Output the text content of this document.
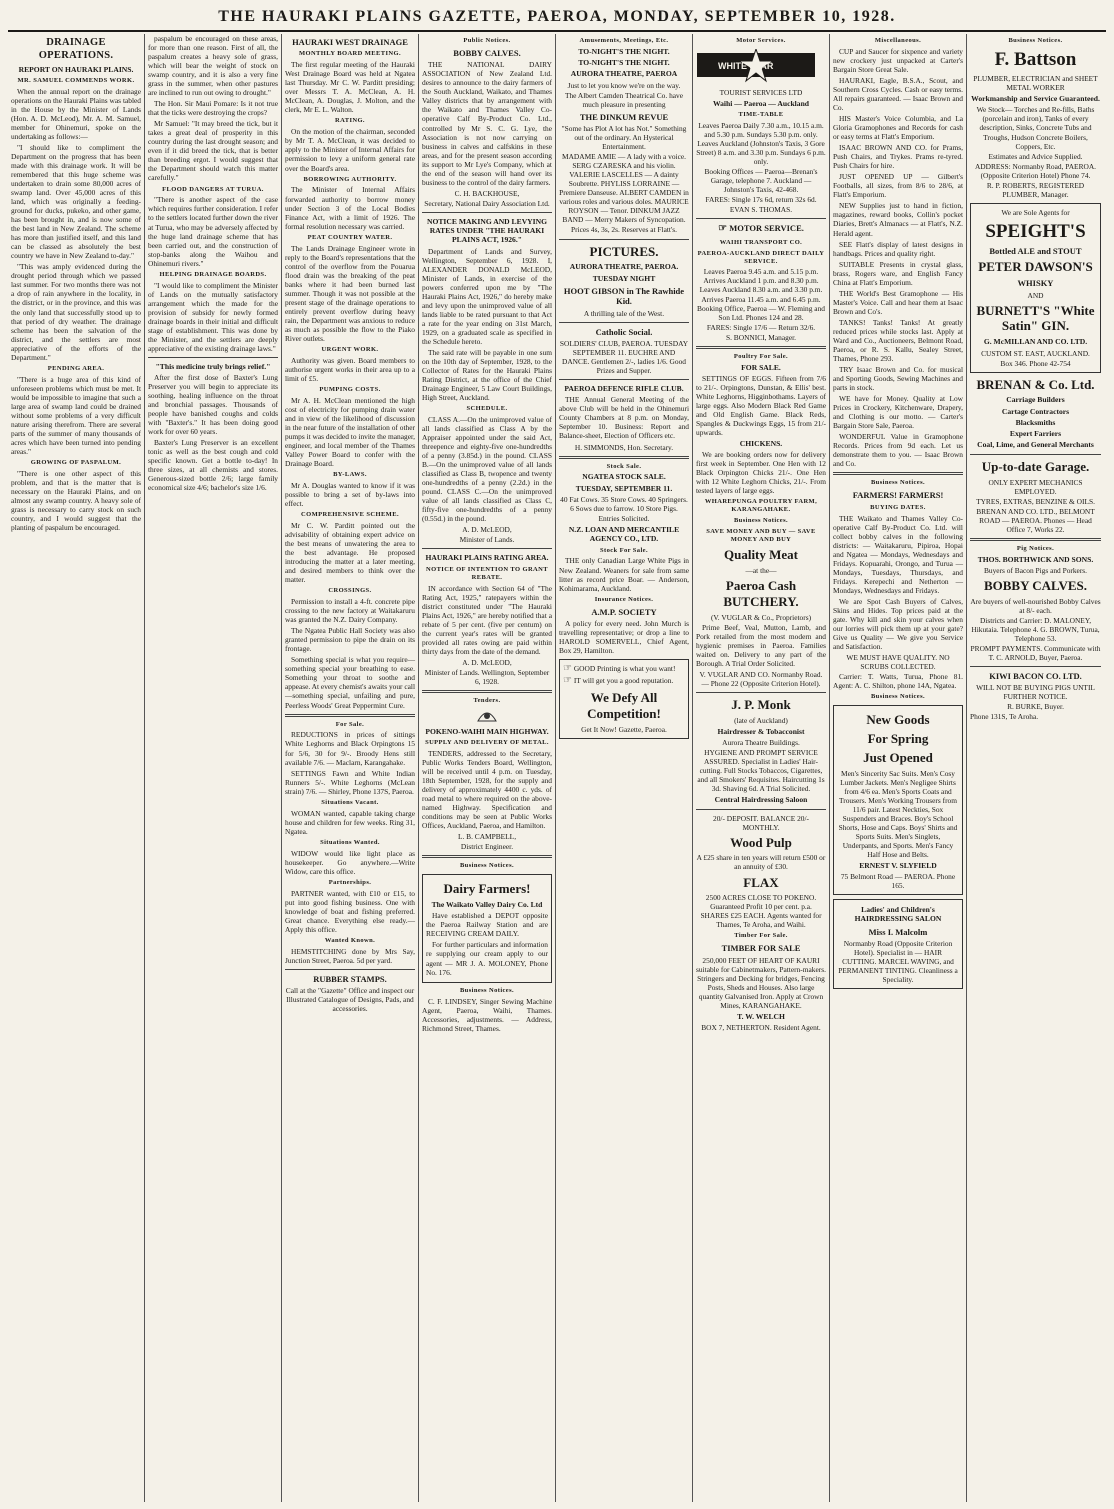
THE HAURAKI PLAINS GAZETTE, PAEROA, MONDAY, SEPTEMBER 10, 1928.
DRAINAGE OPERATIONS.
REPORT ON HAURAKI PLAINS.
MR. SAMUEL COMMENDS WORK.

When the annual report on the drainage operations on the Hauraki Plains was tabled in the House by the Minister of Lands (Hon. A. D. McLeod), Mr. A. M. Samuel, member for Ohinemuri, spoke on the undertaking as follows:—

"I should like to compliment the Department on the progress that has been made with this drainage work. It will be remembered that this huge scheme was undertaken to drain some 80,000 acres of swamp land. Over 45,000 acres of this land, which was originally a feeding-ground for ducks, pukeko, and other game, has been brought in, and is now some of the best land in New Zealand. The scheme has more than justified itself, and this land can be classed as absolutely the best country we have in New Zealand to-day."

"This was amply evidenced during the drought period through which we passed last summer. For two months there was not a drop of rain anywhere in the locality, in the district, or in the province, and this was the only land that successfully stood up to that period of dry weather. The drainage scheme has been the salvation of the district, and the settlers are most appreciative of the efforts of the Department."

PENDING AREA.

"There is a huge area of this kind of unforeseen problems which must be met. It would be impossible to imagine that such a large area of swamp land could be drained without some problems of a very difficult nature arising therefrom. There are several parts of the summer of many thousands of acres which have been turned into pending areas."

GROWING OF PASPALUM.

"There is one other aspect of this problem, and that is the matter that is necessary on the Hauraki Plains, and on almost any swamp country. A heavy sole of grass is necessary to carry stock on such country, and I would suggest that the planting of paspalum be encouraged.

paspalum be encouraged on these areas, for more than one reason. First of all, the paspalum creates a heavy sole of grass, which will bear the weight of stock on swamp country, and it is also a very fine grass in the summer, when other pastures are inclined to run out owing to drought."

The Hon. Sir Maui Pomare: Is it not true that the ticks were destroying the crops?

Mr Samuel: "It may breed the tick, but it takes a great deal of prosperity in this country during the last drought season; and even if it did breed the tick, that is better than breeding ergot. I would suggest that the Department should watch this matter carefully."

FLOOD DANGERS AT TURUA.

"There is another aspect of the case which requires further consideration. I refer to the settlers located further down the river at Turua, who may be adversely affected by the huge land drainage scheme that has been carried out, and the construction of stop-banks along the Waihou and Ohinemuri rivers."

HELPING DRAINAGE BOARDS.

"I would like to compliment the Minister of Lands on the mutually satisfactory arrangement which the made for the provision of subsidy for newly formed drainage boards in their initial and difficult stage of establishment. This was done by the Minister, and the settlers are deeply appreciative of the existing drainage laws."

"This medicine truly brings relief."

After the first dose of Baxter's Lung Preserver you will begin to appreciate its soothing, healing influence on the throat and bronchial passages. Thousands of people have banished coughs and colds with "Baxter's." It has been doing good work for over 60 years.

Baxter's Lung Preserver is an excellent tonic as well as the best cough and cold specific known. Get a bottle to-day! In three sizes, at all chemists and stores. Generous-sized bottle 2/6; large family economical size 4/6; bachelor's size 1/6.

HAURAKI WEST DRAINAGE
MONTHLY BOARD MEETING.

The first regular meeting of the Hauraki West Drainage Board was held at Ngatea last Thursday. Mr C. W. Parditt presiding; over Messrs T. A. McClean, A. H. McClean, A. Douglas, J. Molton, and the clerk, Mr E. L. Walton.

RATING.

On the motion of the chairman, seconded by Mr T. A. McClean, it was decided to apply to the Minister of Internal Affairs for permission to levy a uniform general rate over the Board's area.

BORROWING AUTHORITY.

The Minister of Internal Affairs forwarded authority to borrow money under Section 3 of the Local Bodies Finance Act, with a limit of 1926. The formal resolution necessary was carried.

PEAT COUNTRY WATER.

The Lands Drainage Engineer wrote in reply to the Board's representations that the control of the overflow from the Pouarua flood drain was the breaking of the peat banks where it had been burned last summer. Though it was not possible at the present stage of the drainage operations to entirely prevent overflow during heavy rain, the Department was anxious to reduce as much as possible the flow to the Piako River outlets.

URGENT WORK.

Authority was given. Board members to authorise urgent works in their area up to a limit of £5.

PUMPING COSTS.

Mr A. H. McClean mentioned the high cost of electricity for pumping drain water and in view of the likelihood of discussion in the near future of the installation of other pumps it was decided to invite the manager, engineer, and local member of the Thames Valley Power Board to confer with the Drainage Board.

BY-LAWS.

Mr A. Douglas wanted to know if it was possible to bring a set of by-laws into effect.

COMPREHENSIVE SCHEME.

Mr C. W. Parditt pointed out the advisability of obtaining expert advice on the best means of unwatering the area to the best advantage. He proposed introducing the matter at a later meeting, and desired members to think over the matter.

CROSSINGS.

Permission to install a 4-ft. concrete pipe crossing to the new factory at Waitakaruru was granted the N.Z. Dairy Company.

The Ngatea Public Hall Society was also granted permission to pipe the drain on its frontage.

Something special is what you require—something special your breathing to ease. Something your throat to soothe and appease. At every chemist's awaits your call—something special, unfailing and pure, Peerless Woods' Great Peppermint Cure.

For Sale.

REDUCTIONS in prices of sittings White Leghorns and Black Orpingtons 15 for 5/6, 30 for 9/-. Broody Hens still available 7/6. — Maclarn, Karangahake.

SETTINGS Fawn and White Indian Runners 5/-. White Leghorns (McLean strain) 7/6. — Shirley, Phone 137S, Paeroa.

Situations Vacant.

WOMAN wanted, capable taking charge house and children for few weeks. Ring 31, Ngatea.

Situations Wanted.

WIDOW would like light place as housekeeper. Go anywhere.—Write Widow, care this office.

Partnerships.

PARTNER wanted, with £10 or £15, to put into good fishing business. One with knowledge of boat and fishing preferred. Great chance. Everything else ready.—Apply this office.

Wanted Known.

HEMSTITCHING done by Mrs Say, Junction Street, Paeroa. 5d per yard.

RUBBER STAMPS.
Call at the "Gazette" Office and inspect our Illustrated Catalogue of Designs, Pads, and accessories.
Public Notices.
BOBBY CALVES.

THE NATIONAL DAIRY ASSOCIATION of New Zealand Ltd. desires to announce to the dairy farmers of the South Auckland, Waikato, and Thames Valley districts that by arrangement with the Waikato and Thames Valley Co-operative Calf By-Product Co. Ltd., controlled by Mr S. C. G. Lye, the Association is not now carrying on business in calves and calfskins in these areas, and for the present season according its support to Mr Lye's Company, which at the end of the season will hand over its business to the control of the dairy farmers.

C. H. BACKHOUSE,
Secretary, National Dairy Association Ltd.
NOTICE MAKING AND LEVYING RATES UNDER "THE HAURAKI PLAINS ACT, 1926."

Department of Lands and Survey, Wellington, September 6, 1928. I, ALEXANDER DONALD McLEOD, Minister of Lands, in exercise of the powers conferred upon me by "The Hauraki Plains Act, 1926," do hereby make and levy upon the unimproved value of all lands liable to be rated pursuant to that Act a rate for the year ending on 31st March, 1929, on a graduated scale as specified in the Schedule hereto.

The said rate will be payable in one sum on the 10th day of September, 1928, to the Collector of Rates for the Hauraki Plains Rating District, at the office of the Chief Drainage Engineer, 5 Law Court Buildings, High Street, Auckland.

SCHEDULE.

CLASS A.—On the unimproved value of all lands classified as Class A by the Appraiser appointed under the said Act, threepence and eighty-five one-hundredths of a penny (3.85d.) in the pound. CLASS B.—On the unimproved value of all lands classified as Class B, twopence and twenty one-hundredths of a penny (2.2d.) in the pound. CLASS C.—On the unimproved value of all lands classified as Class C, fifty-five one-hundredths of a penny (0.55d.) in the pound.

A. D. McLEOD,
Minister of Lands.
HAURAKI PLAINS RATING AREA.
NOTICE OF INTENTION TO GRANT REBATE.

IN accordance with Section 64 of "The Rating Act, 1925," ratepayers within the district constituted under "The Hauraki Plains Act, 1926," are hereby notified that a rebate of 5 per cent. (five per centum) on the current year's rates will be granted provided all rates owing are paid within thirty days from the date of the demand.

A. D. McLEOD,
Minister of Lands. Wellington, September 6, 1928.
Tenders.
POKENO-WAIHI MAIN HIGHWAY.
SUPPLY AND DELIVERY OF METAL.

TENDERS, addressed to the Secretary, Public Works Tenders Board, Wellington, will be received until 4 p.m. on Tuesday, 18th September, 1928, for the supply and delivery of approximately 4400 c. yds. of road metal to where required on the above-named Highway. Specification and conditions may be seen at Public Works Offices, Auckland, Paeroa, and Hamilton.

L. B. CAMPBELL,
District Engineer.
Business Notices.
Dairy Farmers!
The Waikato Valley Dairy Co. Ltd

Have established a DEPOT opposite the Paeroa Railway Station and are RECEIVING CREAM DAILY.

For further particulars and information re supplying our cream apply to our agent — MR J. A. MOLONEY, Phone No. 176.

Business Notices.

C. F. LINDSEY, Singer Sewing Machine Agent, Paeroa, Waihi, Thames. Accessories, adjustments. — Address, Richmond Street, Thames.

Amusements, Meetings, Etc.
TO-NIGHT'S THE NIGHT.
TO-NIGHT'S THE NIGHT.
AURORA THEATRE, PAEROA
Just to let you know we're on the way.
The Albert Camden Theatrical Co. have much pleasure in presenting
THE DINKUM REVUE
"Some has Plot A lot has Not." Something out of the ordinary. An Hysterical Entertainment.
MADAME AMIE — A lady with a voice. SERG CZARESKA and his violin. VALERIE LASCELLES — A dainty Soubrette. PHYLISS LORRAINE — Premiere Danseuse. ALBERT CAMDEN in various roles and various doles. MAURICE ROYSON — Tenor. DINKUM JAZZ BAND — Merry Makers of Syncopation.
Prices 4s, 3s, 2s. Reserves at Flatt's.
PICTURES.
AURORA THEATRE, PAEROA.
TUESDAY NIGHT
HOOT GIBSON in The Rawhide Kid.
A thrilling tale of the West.
Catholic Social.
SOLDIERS' CLUB, PAEROA. TUESDAY SEPTEMBER 11. EUCHRE AND DANCE. Gentlemen 2/-, ladies 1/6. Good Prizes and Supper.
PAEROA DEFENCE RIFLE CLUB.

THE Annual General Meeting of the above Club will be held in the Ohinemuri County Chambers at 8 p.m. on Monday, September 10. Business: Report and Balance-sheet, Election of Officers etc.

H. SIMMONDS, Hon. Secretary.
Stock Sale.
NGATEA STOCK SALE.
TUESDAY, SEPTEMBER 11.
40 Fat Cows. 35 Store Cows. 40 Springers. 6 Sows due to farrow. 10 Store Pigs.
Entries Solicited.
N.Z. LOAN AND MERCANTILE AGENCY CO., LTD.
Stock For Sale.

THE only Canadian Large White Pigs in New Zealand. Weaners for sale from same litter as record price Boar. — Anderson, Kohimarama, Auckland.

Insurance Notices.
A.M.P. SOCIETY

A policy for every need. John Murch is travelling representative; or drop a line to HAROLD SOMERVELL, Chief Agent, Box 29, Hamilton.

☞ GOOD Printing is what you want!
☞ IT will get you a good reputation.
We Defy All Competition!
Get It Now! Gazette, Paeroa.
Motor Services.
WHITE STAR
TOURIST SERVICES LTD
Waihi — Paeroa — Auckland
TIME-TABLE
Leaves Paeroa Daily 7.30 a.m., 10.15 a.m. and 5.30 p.m. Sundays 5.30 p.m. only. Leaves Auckland (Johnston's Taxis, 3 Gore Street) 8 a.m. and 3.30 p.m. Sundays 6 p.m. only.
Booking Offices — Paeroa—Brenan's Garage, telephone 7. Auckland — Johnston's Taxis, 42-468.
FARES: Single 17s 6d, return 32s 6d.
EVAN S. THOMAS.
☞ MOTOR SERVICE.
WAIHI TRANSPORT CO.
PAEROA-AUCKLAND DIRECT DAILY SERVICE.
Leaves Paeroa 9.45 a.m. and 5.15 p.m. Arrives Auckland 1 p.m. and 8.30 p.m. Leaves Auckland 8.30 a.m. and 3.30 p.m. Arrives Paeroa 11.45 a.m. and 6.45 p.m. Booking Office, Paeroa — W. Fleming and Son Ltd. Phones 124 and 28.
FARES: Single 17/6 — Return 32/6.
S. BONNICI, Manager.
Poultry For Sale.
FOR SALE.

SETTINGS OF EGGS. Fifteen from 7/6 to 21/-. Orpingtons, Dunstan, & Ellis' best. White Leghorns, Higginbothams. Layers of large eggs. Also Modern Black Red Game and Old English Game. Black Reds, Spangles & Duckwings Eggs, 15 from 21/- upwards.

CHICKENS.

We are booking orders now for delivery first week in September. One Hen with 12 Black Orpington Chicks 21/-. One Hen with 12 White Leghorn Chicks, 21/-. From tested layers of large eggs.

WHAREPUNGA POULTRY FARM, KARANGAHAKE.
Business Notices.
SAVE MONEY AND BUY — SAVE MONEY AND BUY
Quality Meat
—at the—
Paeroa Cash BUTCHERY.
(V. VUGLAR & Co., Proprietors)

Prime Beef, Veal, Mutton, Lamb, and Pork retailed from the most modern and hygienic premises in Paeroa. Families waited on. Delivery to any part of the Borough. A Trial Order Solicited.

V. VUGLAR AND CO. Normanby Road. — Phone 22 (Opposite Criterion Hotel).
J. P. Monk
(late of Auckland)
Hairdresser & Tobacconist
Aurora Theatre Buildings.
HYGIENE AND PROMPT SERVICE ASSURED. Specialist in Ladies' Hair-cutting. Full Stocks Tobaccos, Cigarettes, and all Smokers' Requisites. Haircutting 1s 3d. Shaving 6d. A Trial Solicited.
Central Hairdressing Saloon
20/- DEPOSIT. BALANCE 20/- MONTHLY.
Wood Pulp
A £25 share in ten years will return £500 or an annuity of £30.
FLAX
2500 ACRES CLOSE TO POKENO. Guaranteed Profit 10 per cent. p.a. SHARES £25 EACH. Agents wanted for Thames, Te Aroha, and Waihi.
Timber For Sale.
TIMBER FOR SALE
250,000 FEET OF HEART OF KAURI suitable for Cabinetmakers, Pattern-makers. Stringers and Decking for bridges, Fencing Posts, Sheds and Houses. Also large quantity Galvanised Iron. Apply at Crown Mines, KARANGAHAKE.
T. W. WELCH
BOX 7, NETHERTON. Resident Agent.
Miscellaneous.

CUP and Saucer for sixpence and variety new crockery just unpacked at Carter's Bargain Store Great Sale.

HAURAKI, Eagle, B.S.A., Scout, and Southern Cross Cycles. Cash or easy terms. All repairs guaranteed. — Isaac Brown and Co.

HIS Master's Voice Columbia, and La Gloria Gramophones and Records for cash or easy terms at Flatt's Emporium.

ISAAC BROWN AND CO. for Prams, Push Chairs, and Trykes. Prams re-tyred. Push Chairs for hire.

JUST OPENED UP — Gilbert's Footballs, all sizes, from 8/6 to 28/6, at Flatt's Emporium.

NEW Supplies just to hand in fiction, magazines, reward books, Collin's pocket Diaries, Brett's Almanacs — at Flatt's, N.Z. Herald agent.

SEE Flatt's display of latest designs in handbags. Prices and quality right.

SUITABLE Presents in crystal glass, brass, Rogers ware, and English Fancy China at Flatt's Emporium.

THE World's Best Gramophone — His Master's Voice. Call and hear them at Isaac Brown and Co's.

TANKS! Tanks! Tanks! At greatly reduced prices while stocks last. Apply at Ward and Co., Auctioneers, Belmont Road, Paeroa, or R. S. Kallu, Sealey Street, Thames, Phone 293.

TRY Isaac Brown and Co. for musical and Sporting Goods, Sewing Machines and parts in stock.

WE have for Money. Quality at Low Prices in Crockery, Kitchenware, Drapery, and Clothing is our motto. — Carter's Bargain Store Sale, Paeroa.

WONDERFUL Value in Gramophone Records. Prices from 9d each. Let us demonstrate them to you. — Isaac Brown and Co.

Business Notices.
FARMERS! FARMERS!
BUYING DATES.

THE Waikato and Thames Valley Co-operative Calf By-Product Co. Ltd. will collect bobby calves in the following districts: — Waitakaruru, Pipiroa, Hopai and Ngatea — Mondays, Wednesdays and Fridays. Kopuarahi, Orongo, and Turua — Mondays, Tuesdays, Thursdays, and Fridays. Kerepechi and Netherton — Mondays, Wednesdays and Fridays.

We are Spot Cash Buyers of Calves, Skins and Hides. Top prices paid at the gate. Why kill and skin your calves when our lorries will pick them up at your gate? Give us Quality — We give you Service and Satisfaction.

WE MUST HAVE QUALITY. NO SCRUBS COLLECTED.

Carrier: T. Watts, Turua, Phone 81. Agent: A. C. Shilton, phone 14A, Ngatea.

Business Notices.
New Goods
For Spring
Just Opened
Men's Sincerity Sac Suits. Men's Cosy Lumber Jackets. Men's Negligee Shirts from 4/6 ea. Men's Sports Coats and Trousers. Men's Working Trousers from 11/6 pair. Latest Neckties, Sox Suspenders and Braces. Boy's School Shorts, Hose and Caps. Boys' Shirts and Sports Suits. Men's Singlets, Underpants, and Sports. Men's Fancy Half Hose and Belts.
ERNEST V. SLYFIELD
75 Belmont Road — PAEROA. Phone 165.
Ladies' and Children's HAIRDRESSING SALON
Miss I. Malcolm
Normanby Road (Opposite Criterion Hotel). Specialist in — HAIR CUTTING. MARCEL WAVING, and PERMANENT TINTING. Cleanliness a Speciality.
Business Notices.
F. Battson
PLUMBER, ELECTRICIAN and SHEET METAL WORKER
Workmanship and Service Guaranteed.
We Stock— Torches and Re-fills, Baths (porcelain and iron), Tanks of every description, Sinks, Concrete Tubs and Troughs, Hudson Concrete Boilers, Coppers, Etc.
Estimates and Advice Supplied.
ADDRESS: Normanby Road, PAEROA. (Opposite Criterion Hotel) Phone 74.
R. P. ROBERTS, REGISTERED PLUMBER, Manager.
We are Sole Agents for
SPEIGHT'S
Bottled ALE and STOUT
PETER DAWSON'S
WHISKY
AND
BURNETT'S "White Satin" GIN.
G. McMILLAN AND CO. LTD.
CUSTOM ST. EAST, AUCKLAND.
Box 346. Phone 42-754
BRENAN & Co. Ltd.
Carriage Builders
Cartage Contractors
Blacksmiths
Expert Farriers
Coal, Lime, and General Merchants
Up-to-date Garage.
ONLY EXPERT MECHANICS EMPLOYED.
TYRES, EXTRAS, BENZINE & OILS.
BRENAN AND CO. LTD., BELMONT ROAD — PAEROA. Phones — Head Office 7, Works 22.
Pig Notices.
THOS. BORTHWICK AND SONS.
Buyers of Bacon Pigs and Porkers.
BOBBY CALVES.
Are buyers of well-nourished Bobby Calves at 8/- each.
Districts and Carrier: D. MALONEY, Hikutaia. Telephone 4. G. BROWN, Turua, Telephone 53.
PROMPT PAYMENTS. Communicate with T. C. ARNOLD, Buyer, Paeroa.
KIWI BACON CO. LTD.
WILL NOT BE BUYING PIGS UNTIL FURTHER NOTICE.
R. BURKE, Buyer.
Phone 131S, Te Aroha.
